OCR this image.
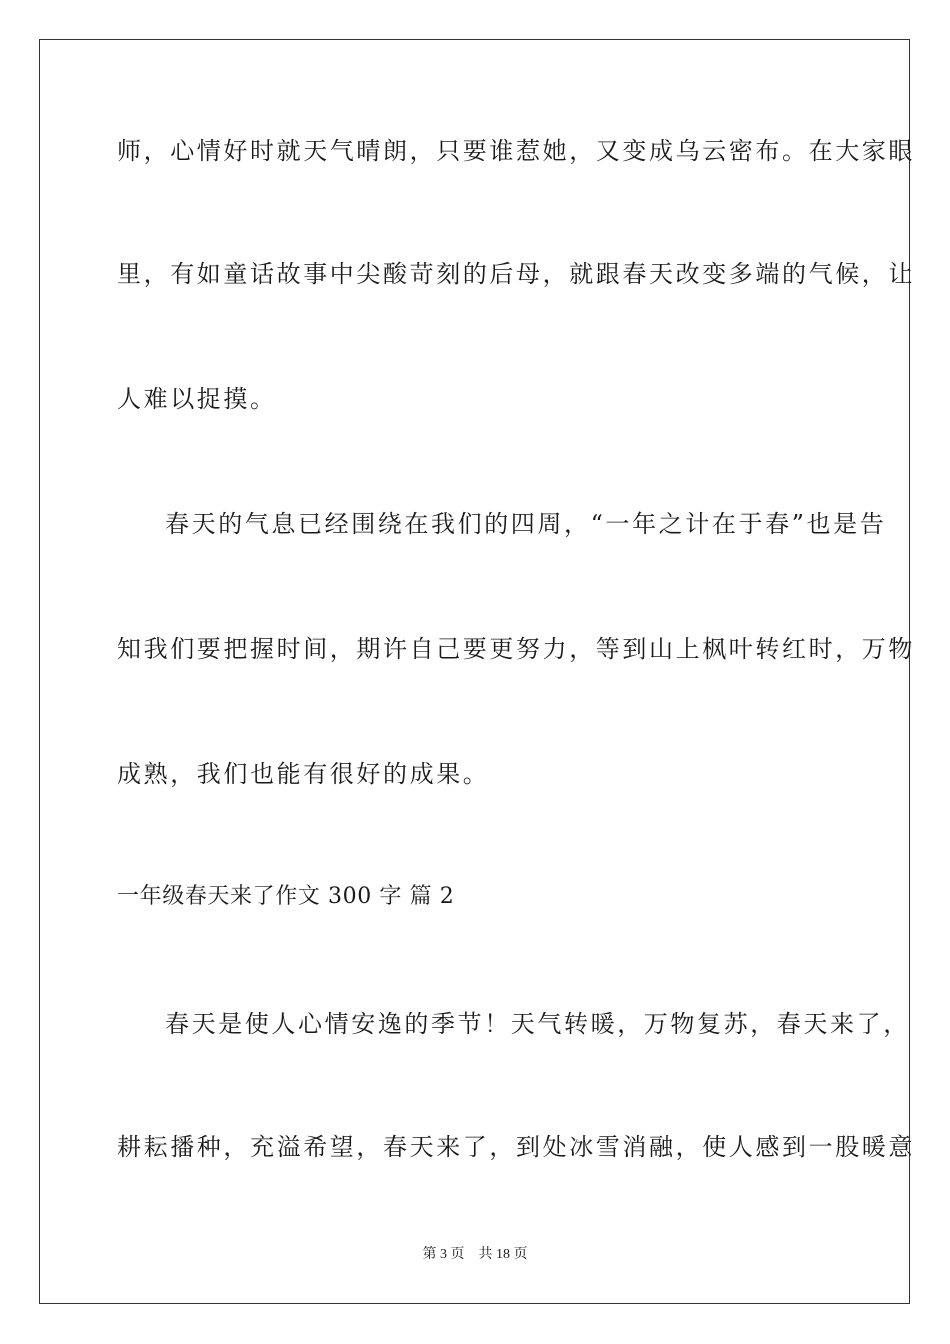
师，心情好时就天气晴朗，只要谁惹她，又变成乌云密布。在大家眼
里，有如童话故事中尖酸苛刻的后母，就跟春天改变多端的气候，让
人难以捉摸。
春天的气息已经围绕在我们的四周，“一年之计在于春”也是告
知我们要把握时间，期许自己要更努力，等到山上枫叶转红时，万物
成熟，我们也能有很好的成果。
一年级春天来了作文 300 字 篇 2
春天是使人心情安逸的季节！天气转暖，万物复苏，春天来了，
耕耘播种，充溢希望，春天来了，到处冰雪消融，使人感到一股暖意
第 3 页 共 18 页
